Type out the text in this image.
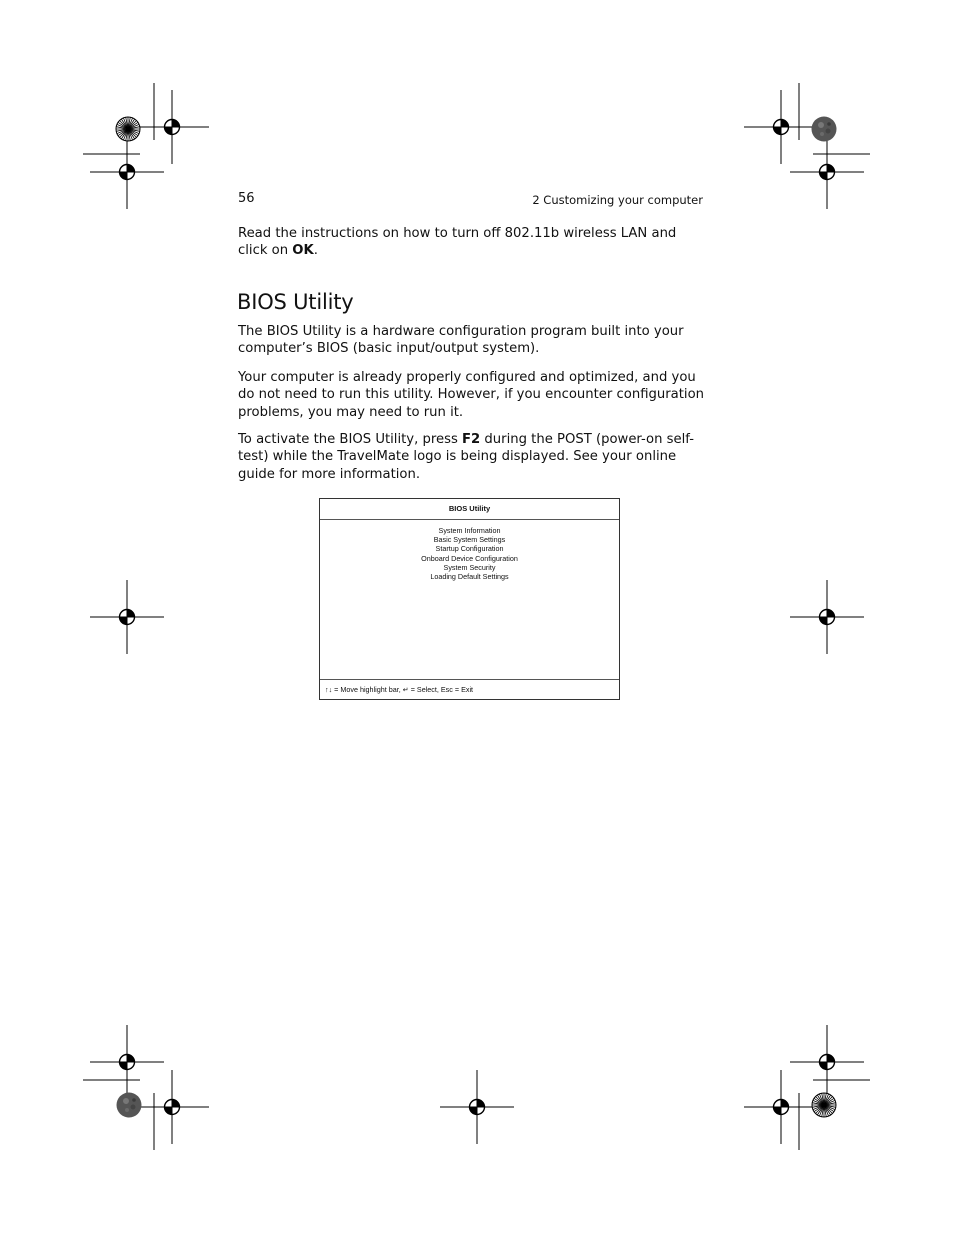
56	2 Customizing your computer

Read the instructions on how to turn off 802.11b wireless LAN and click on OK.

BIOS Utility

The BIOS Utility is a hardware configuration program built into your computer’s BIOS (basic input/output system).

Your computer is already properly configured and optimized, and you do not need to run this utility. However, if you encounter configuration problems, you may need to run it.

To activate the BIOS Utility, press F2 during the POST (power-on self-test) while the TravelMate logo is being displayed. See your online guide for more information.

BIOS Utility
System Information
Basic System Settings
Startup Configuration
Onboard Device Configuration
System Security
Loading Default Settings
↑↓ = Move highlight bar, ↵ = Select, Esc = Exit
